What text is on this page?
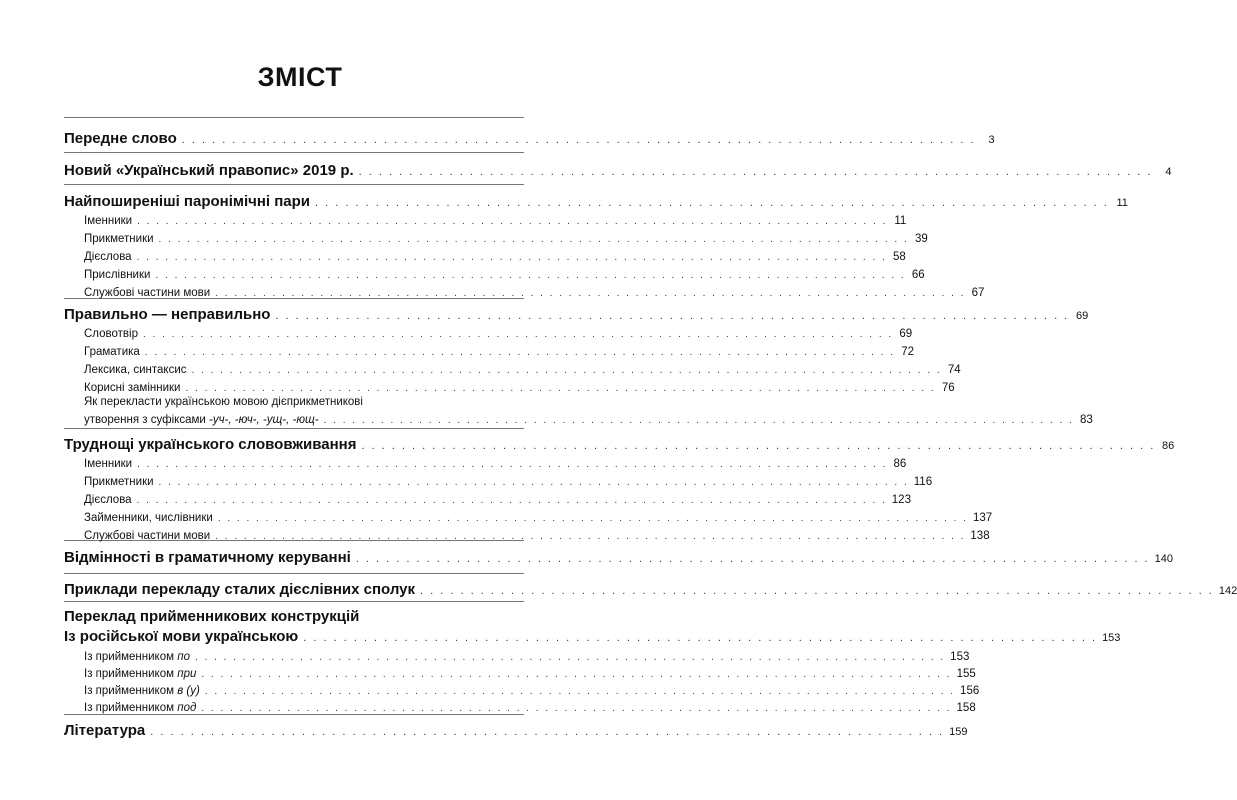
ЗМІСТ
Передне слово . . . . . . . . . . . . . . . . . . . . . . . . . . . . . . . . . . . . . . . . . . . . . . . . . . . . . . . . . . . . . . . . . . . . . . . . . . . . . . .	3
Новий «Український правопис» 2019 р. . . . . . . . . . . . . . . . . . . . . . . . . . . . . . . . . . . . . . . . . . . . . . . . . . . . . . . . . . . . . . . . . . . . . . . . . . . . . . . .	4
Найпоширеніші паронімічні пари . . . . . . . . . . . . . . . . . . . . . . . . . . . . . . . . . . . . . . . . . . . . . . . . . . . . . . . . . . . . . . . . . . . . . . . . . . . . . . . 11
Іменники . . . . . . . . . . . . . . . . . . . . . . . . . . . . . . . . . . . . . . . . . . . . . . . . . . . . . . . . . . . . . . . . . . . . . . . . . . . . . . . 11
Прикметники . . . . . . . . . . . . . . . . . . . . . . . . . . . . . . . . . . . . . . . . . . . . . . . . . . . . . . . . . . . . . . . . . . . . . . . . . . . . . . . 39
Дієслова . . . . . . . . . . . . . . . . . . . . . . . . . . . . . . . . . . . . . . . . . . . . . . . . . . . . . . . . . . . . . . . . . . . . . . . . . . . . . . . 58
Прислівники . . . . . . . . . . . . . . . . . . . . . . . . . . . . . . . . . . . . . . . . . . . . . . . . . . . . . . . . . . . . . . . . . . . . . . . . . . . . . . . 66
Службові частини мови . . . . . . . . . . . . . . . . . . . . . . . . . . . . . . . . . . . . . . . . . . . . . . . . . . . . . . . . . . . . . . . . . . . . . . . . . . . . . . . 67
Правильно — неправильно . . . . . . . . . . . . . . . . . . . . . . . . . . . . . . . . . . . . . . . . . . . . . . . . . . . . . . . . . . . . . . . . . . . . . . . . . . . . . . . 69
Словотвір . . . . . . . . . . . . . . . . . . . . . . . . . . . . . . . . . . . . . . . . . . . . . . . . . . . . . . . . . . . . . . . . . . . . . . . . . . . . . . . 69
Граматика . . . . . . . . . . . . . . . . . . . . . . . . . . . . . . . . . . . . . . . . . . . . . . . . . . . . . . . . . . . . . . . . . . . . . . . . . . . . . . . 72
Лексика, синтаксис . . . . . . . . . . . . . . . . . . . . . . . . . . . . . . . . . . . . . . . . . . . . . . . . . . . . . . . . . . . . . . . . . . . . . . . . . . . . . . . 74
Корисні замінники . . . . . . . . . . . . . . . . . . . . . . . . . . . . . . . . . . . . . . . . . . . . . . . . . . . . . . . . . . . . . . . . . . . . . . . . . . . . . . . 76
Як перекласти українською мовою дієприкметникові
утворення з суфіксами -уч-, -юч-, -ущ-, -ющ- . . . . . . . . . . . . . . . . . . . . . . . . . . . . . . . . . . . . . . . . . . . . . . . . . . . . . . . . . . . . . . . . . . . . . . . . . . . . . . . 83
Труднощі українського слововживання . . . . . . . . . . . . . . . . . . . . . . . . . . . . . . . . . . . . . . . . . . . . . . . . . . . . . . . . . . . . . . . . . . . . . . . . . . . . . . . 86
Іменники . . . . . . . . . . . . . . . . . . . . . . . . . . . . . . . . . . . . . . . . . . . . . . . . . . . . . . . . . . . . . . . . . . . . . . . . . . . . . . . 86
Прикметники . . . . . . . . . . . . . . . . . . . . . . . . . . . . . . . . . . . . . . . . . . . . . . . . . . . . . . . . . . . . . . . . . . . . . . . . . . . . . . . 116
Дієслова . . . . . . . . . . . . . . . . . . . . . . . . . . . . . . . . . . . . . . . . . . . . . . . . . . . . . . . . . . . . . . . . . . . . . . . . . . . . . . . 123
Займенники, числівники . . . . . . . . . . . . . . . . . . . . . . . . . . . . . . . . . . . . . . . . . . . . . . . . . . . . . . . . . . . . . . . . . . . . . . . . . . . . . . . 137
Службові частини мови . . . . . . . . . . . . . . . . . . . . . . . . . . . . . . . . . . . . . . . . . . . . . . . . . . . . . . . . . . . . . . . . . . . . . . . . . . . . . . . 138
Відмінності в граматичному керуванні . . . . . . . . . . . . . . . . . . . . . . . . . . . . . . . . . . . . . . . . . . . . . . . . . . . . . . . . . . . . . . . . . . . . . . . . . . . . . . . 140
Приклади перекладу сталих дієслівних сполук . . . . . . . . . . . . . . . . . . . . . . . . . . . . . . . . . . . . . . . . . . . . . . . . . . . . . . . . . . . . . . . . . . . . . . . . . . . . . . . 142
Переклад прийменникових конструкцій
Із російської мови українською . . . . . . . . . . . . . . . . . . . . . . . . . . . . . . . . . . . . . . . . . . . . . . . . . . . . . . . . . . . . . . . . . . . . . . . . . . . . . . . 153
Із прийменником по . . . . . . . . . . . . . . . . . . . . . . . . . . . . . . . . . . . . . . . . . . . . . . . . . . . . . . . . . . . . . . . . . . . . . . . . . . . . . . . 153
Із прийменником при . . . . . . . . . . . . . . . . . . . . . . . . . . . . . . . . . . . . . . . . . . . . . . . . . . . . . . . . . . . . . . . . . . . . . . . . . . . . . . . 155
Із прийменником в (у) . . . . . . . . . . . . . . . . . . . . . . . . . . . . . . . . . . . . . . . . . . . . . . . . . . . . . . . . . . . . . . . . . . . . . . . . . . . . . . . 156
Із прийменником под . . . . . . . . . . . . . . . . . . . . . . . . . . . . . . . . . . . . . . . . . . . . . . . . . . . . . . . . . . . . . . . . . . . . . . . . . . . . . . . 158
Література . . . . . . . . . . . . . . . . . . . . . . . . . . . . . . . . . . . . . . . . . . . . . . . . . . . . . . . . . . . . . . . . . . . . . . . . . . . . . . . 159
